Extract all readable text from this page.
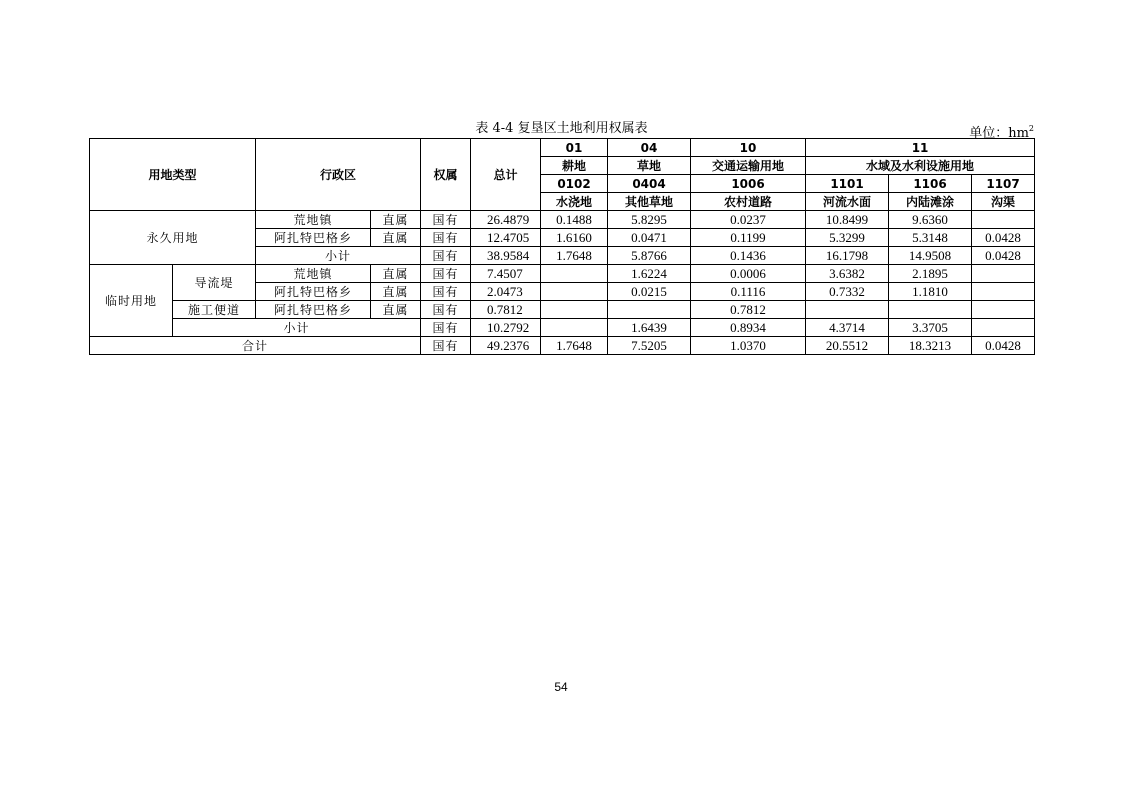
表 4-4 复垦区土地利用权属表	单位：$hm^2$
用地类型		行政区		权属	总计	01	04	10	11		
						耕地	草地	交通运输用地	水域及水利设施用地		
						0102	0404	1006	1101	1106	1107
						水浇地	其他草地	农村道路	河流水面	内陆滩涂	沟渠
永久用地		荒地镇	直属	国有	26.4879	0.1488	5.8295	0.0237	10.8499	9.6360	
		阿扎特巴格乡	直属	国有	12.4705	1.6160	0.0471	0.1199	5.3299	5.3148	0.0428
		小计		国有	38.9584	1.7648	5.8766	0.1436	16.1798	14.9508	0.0428
临时用地	导流堤	荒地镇	直属	国有	7.4507		1.6224	0.0006	3.6382	2.1895	
		阿扎特巴格乡	直属	国有	2.0473		0.0215	0.1116	0.7332	1.1810	
	施工便道	阿扎特巴格乡	直属	国有	0.7812			0.7812			
	小计			国有	10.2792		1.6439	0.8934	4.3714	3.3705	
合计				国有	49.2376	1.7648	7.5205	1.0370	20.5512	18.3213	0.0428
54
